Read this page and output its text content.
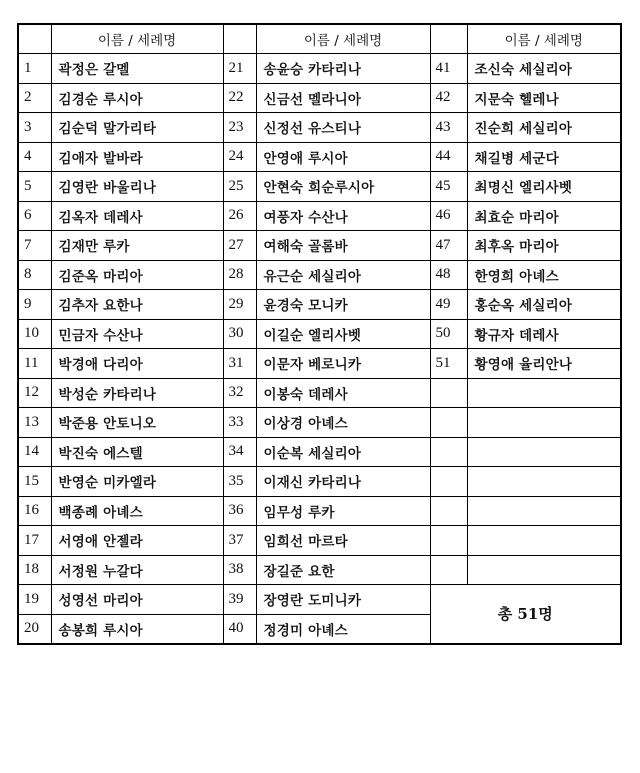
	이름 / 세례명		이름 / 세례명		이름 / 세례명
1	곽정은 갈멜	21	송윤승 카타리나	41	조신숙 세실리아
2	김경순 루시아	22	신금선 멜라니아	42	지문숙 헬레나
3	김순덕 말가리타	23	신정선 유스티나	43	진순희 세실리아
4	김애자 발바라	24	안영애 루시아	44	채길병 세군다
5	김영란 바울리나	25	안현숙 희순루시아	45	최명신 엘리사벳
6	김옥자 데레사	26	여풍자 수산나	46	최효순 마리아
7	김재만 루카	27	여해숙 골롬바	47	최후옥 마리아
8	김준옥 마리아	28	유근순 세실리아	48	한영희 아녜스
9	김추자 요한나	29	윤경숙 모니카	49	홍순옥 세실리아
10	민금자 수산나	30	이길순 엘리사벳	50	황규자 데레사
11	박경애 다리아	31	이문자 베로니카	51	황영애 율리안나
12	박성순 카타리나	32	이봉숙 데레사		
13	박준용 안토니오	33	이상경 아녜스		
14	박진숙 에스텔	34	이순복 세실리아		
15	반영순 미카엘라	35	이재신 카타리나		
16	백종례 아녜스	36	임무성 루카		
17	서영애 안젤라	37	임희선 마르타		
18	서정원 누갈다	38	장길준 요한		
19	성영선 마리아	39	장영란 도미니카	총 51명	
20	송봉희 루시아	40	정경미 아녜스		
